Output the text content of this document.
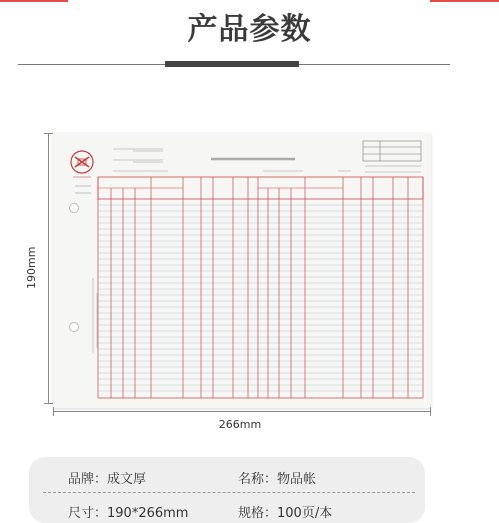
产品参数
190mm
266mm
品牌：成文厚	名称：物品帐
尺寸：190*266mm	规格：100页/本
